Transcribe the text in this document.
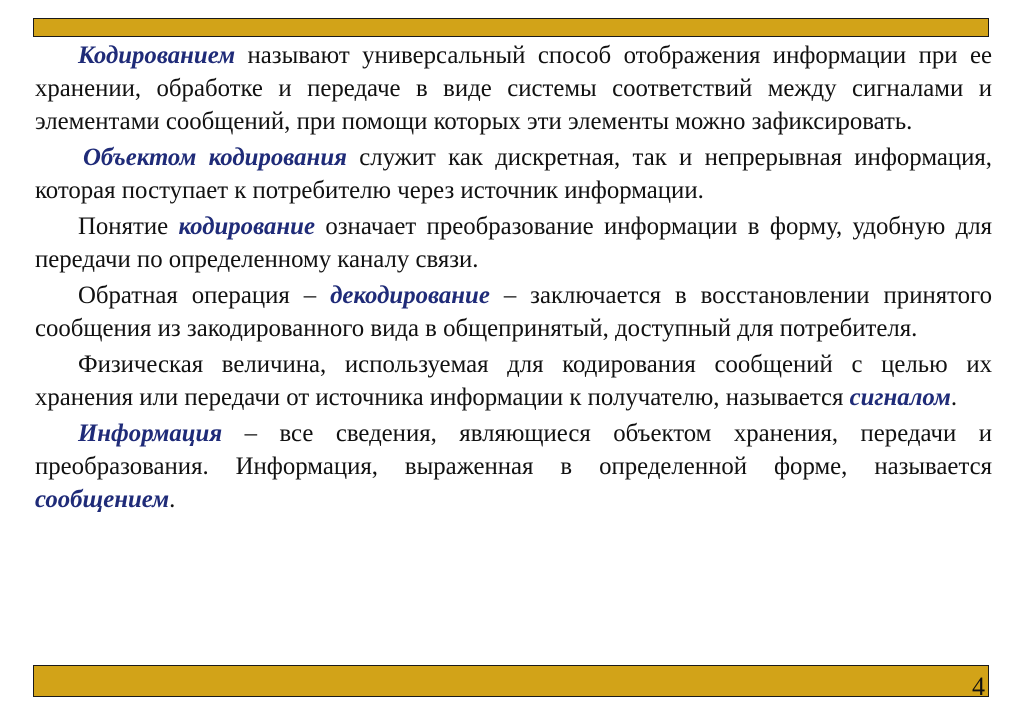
Кодированием называют универсальный способ отображения информации при ее хранении, обработке и передаче в виде системы соответствий между сигналами и элементами сообщений, при помощи которых эти элементы можно зафиксировать.

Объектом кодирования служит как дискретная, так и непрерывная информация, которая поступает к потребителю через источник информации.

Понятие кодирование означает преобразование информации в форму, удобную для передачи по определенному каналу связи.

Обратная операция – декодирование – заключается в восстановлении принятого сообщения из закодированного вида в общепринятый, доступный для потребителя.

Физическая величина, используемая для кодирования сообщений с целью их хранения или передачи от источника информации к получателю, называется сигналом.

Информация – все сведения, являющиеся объектом хранения, передачи и преобразования. Информация, выраженная в определенной форме, называется сообщением.

4
